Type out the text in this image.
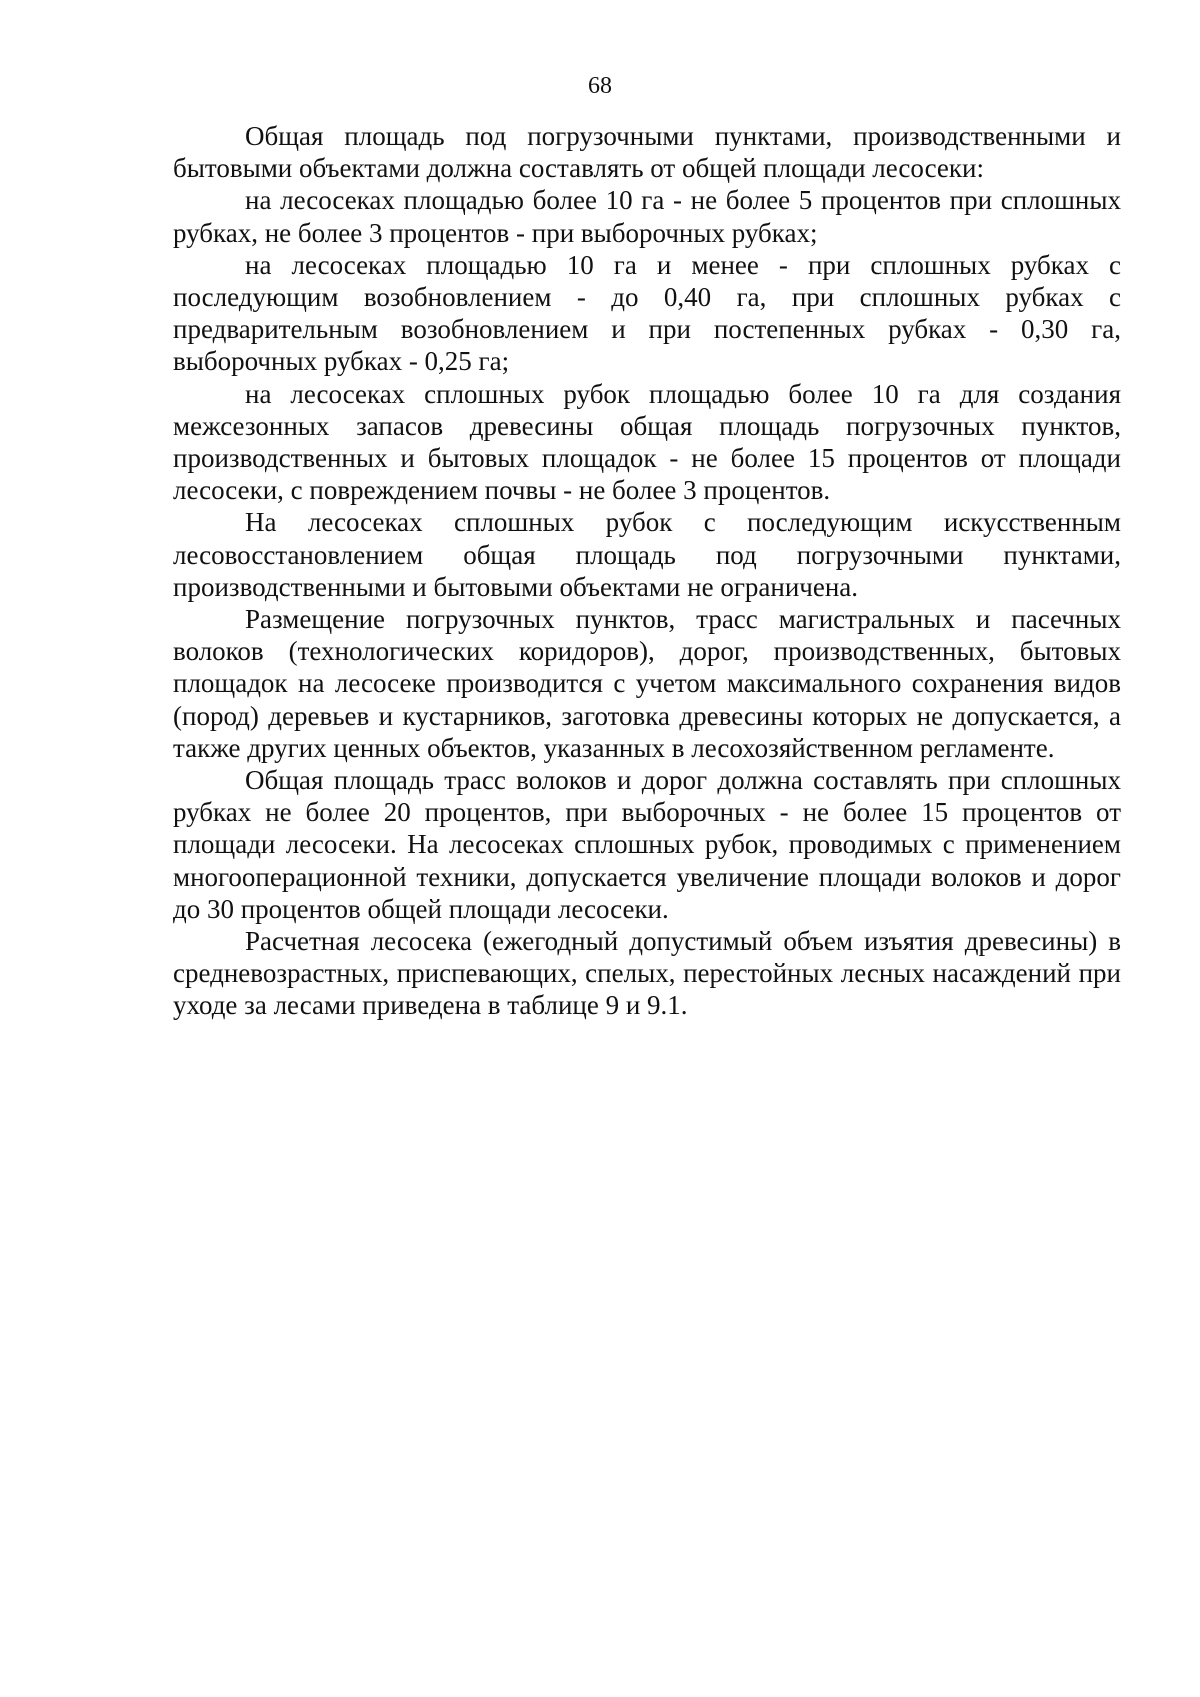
68

Общая площадь под погрузочными пунктами, производственными и бытовыми объектами должна составлять от общей площади лесосеки:

на лесосеках площадью более 10 га - не более 5 процентов при сплошных рубках, не более 3 процентов - при выборочных рубках;

на лесосеках площадью 10 га и менее - при сплошных рубках с последующим возобновлением - до 0,40 га, при сплошных рубках с предварительным возобновлением и при постепенных рубках - 0,30 га, выборочных рубках - 0,25 га;

на лесосеках сплошных рубок площадью более 10 га для создания межсезонных запасов древесины общая площадь погрузочных пунктов, производственных и бытовых площадок - не более 15 процентов от площади лесосеки, с повреждением почвы - не более 3 процентов.

На лесосеках сплошных рубок с последующим искусственным лесовосстановлением общая площадь под погрузочными пунктами, производственными и бытовыми объектами не ограничена.

Размещение погрузочных пунктов, трасс магистральных и пасечных волоков (технологических коридоров), дорог, производственных, бытовых площадок на лесосеке производится с учетом максимального сохранения видов (пород) деревьев и кустарников, заготовка древесины которых не допускается, а также других ценных объектов, указанных в лесохозяйственном регламенте.

Общая площадь трасс волоков и дорог должна составлять при сплошных рубках не более 20 процентов, при выборочных - не более 15 процентов от площади лесосеки. На лесосеках сплошных рубок, проводимых с применением многооперационной техники, допускается увеличение площади волоков и дорог до 30 процентов общей площади лесосеки.

Расчетная лесосека (ежегодный допустимый объем изъятия древесины) в средневозрастных, приспевающих, спелых, перестойных лесных насаждений при уходе за лесами приведена в таблице 9 и 9.1.
